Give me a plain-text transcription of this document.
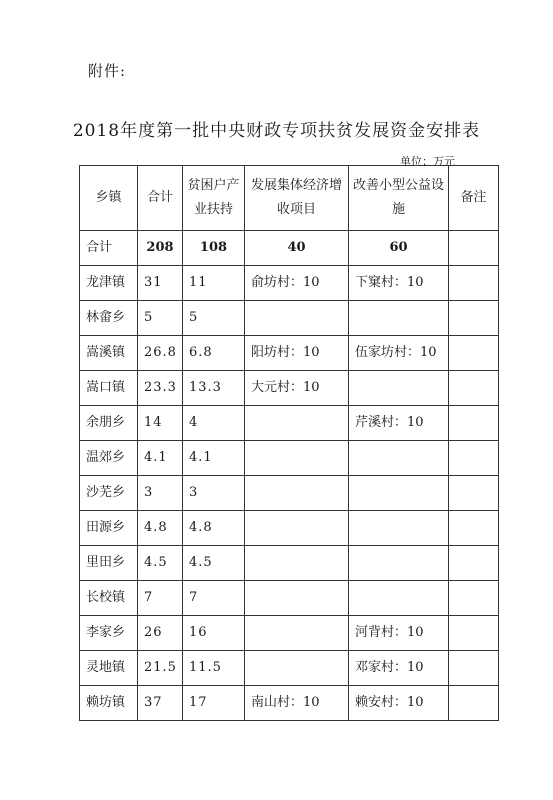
附件:
2018年度第一批中央财政专项扶贫发展资金安排表
单位：万元
乡镇	合计	贫困户产业扶持	发展集体经济增收项目	改善小型公益设施	备注
合计	208	108	40	60	
龙津镇	31	11	俞坊村：10	下窠村：10	
林畲乡	5	5			
嵩溪镇	26.8	6.8	阳坊村：10	伍家坊村：10	
嵩口镇	23.3	13.3	大元村：10		
余朋乡	14	4		芹溪村：10	
温郊乡	4.1	4.1			
沙芜乡	3	3			
田源乡	4.8	4.8			
里田乡	4.5	4.5			
长校镇	7	7			
李家乡	26	16		河背村：10	
灵地镇	21.5	11.5		邓家村：10	
赖坊镇	37	17	南山村：10	赖安村：10	
